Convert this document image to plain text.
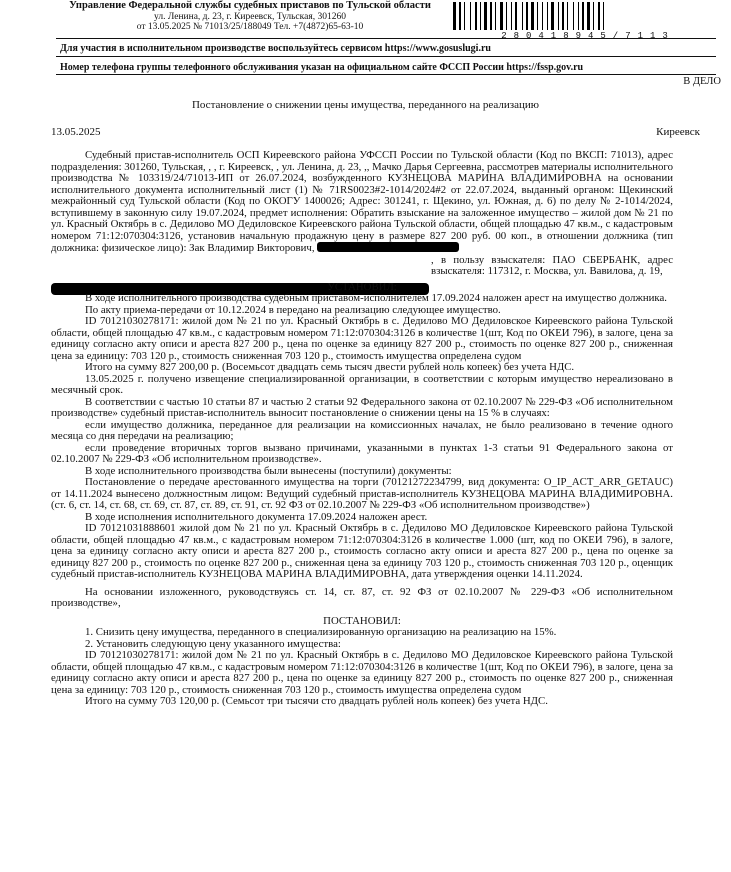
Управление Федеральной службы судебных приставов по Тульской области
ул. Ленина, д. 23, г. Киреевск, Тульская, 301260
от 13.05.2025 № 71013/25/188049 Тел. +7(4872)65-63-10
280418945/7113
Для участия в исполнительном производстве воспользуйтесь сервисом https://www.gosuslugi.ru
Номер телефона группы телефонного обслуживания указан на официальном сайте ФССП России https://fssp.gov.ru
В ДЕЛО
Постановление о снижении цены имущества, переданного на реализацию
13.05.2025	Киреевск

Судебный пристав-исполнитель ОСП Киреевского района УФССП России по Тульской области (Код по ВКСП: 71013), адрес подразделения: 301260, Тульская, , , г. Киреевск, , ул. Ленина, д. 23, ,, Мачко Дарья Сергеевна, рассмотрев материалы исполнительного производства № 103319/24/71013-ИП от 26.07.2024, возбужденного КУЗНЕЦОВА МАРИНА ВЛАДИМИРОВНА на основании исполнительного документа исполнительный лист (1) № 71RS0023#2-1014/2024#2 от 22.07.2024, выданный органом: Щекинский межрайонный суд Тульской области (Код по ОКОГУ 1400026; Адрес: 301241, г. Щекино, ул. Южная, д. 6) по делу № 2-1014/2024, вступившему в законную силу 19.07.2024, предмет исполнения: Обратить взыскание на заложенное имущество – жилой дом № 21 по ул. Красный Октябрь в с. Дедилово МО Дедиловское Киреевского района Тульской области, общей площадью 47 кв.м., с кадастровым номером 71:12:070304:3126, установив начальную продажную цену в размере 827 200 руб. 00 коп., в отношении должника (тип должника: физическое лицо): Зак Владимир Викторович,

, в пользу взыскателя: ПАО СБЕРБАНК, адрес взыскателя: 117312, г. Москва, ул. Вавилова, д. 19,

УСТАНОВИЛ:

В ходе исполнительного производства судебным приставом-исполнителем 17.09.2024 наложен арест на имущество должника.

По акту приема-передачи от 10.12.2024 в передано на реализацию следующее имущество.

ID 70121030278171: жилой дом № 21 по ул. Красный Октябрь в с. Дедилово МО Дедиловское Киреевского района Тульской области, общей площадью 47 кв.м., с кадастровым номером 71:12:070304:3126 в количестве 1(шт, Код по ОКЕИ 796), в залоге, цена за единицу согласно акту описи и ареста 827 200 р., цена по оценке за единицу 827 200 р., стоимость по оценке 827 200 р., сниженная цена за единицу: 703 120 р., стоимость сниженная 703 120 р., стоимость имущества определена судом

Итого на сумму 827 200,00 р. (Восемьсот двадцать семь тысяч двести рублей ноль копеек) без учета НДС.

13.05.2025 г. получено извещение специализированной организации, в соответствии с которым имущество нереализовано в месячный срок.

В соответствии с частью 10 статьи 87 и частью 2 статьи 92 Федерального закона от 02.10.2007 № 229-ФЗ «Об исполнительном производстве» судебный пристав-исполнитель выносит постановление о снижении цены на 15 % в случаях:

если имущество должника, переданное для реализации на комиссионных началах, не было реализовано в течение одного месяца со дня передачи на реализацию;

если проведение вторичных торгов вызвано причинами, указанными в пунктах 1-3 статьи 91 Федерального закона от 02.10.2007 № 229-ФЗ «Об исполнительном производстве».

В ходе исполнительного производства были вынесены (поступили) документы:

Постановление о передаче арестованного имущества на торги (70121272234799, вид документа: O_IP_ACT_ARR_GETAUC) от 14.11.2024 вынесено должностным лицом: Ведущий судебный пристав-исполнитель КУЗНЕЦОВА МАРИНА ВЛАДИМИРОВНА. (ст. 6, ст. 14, ст. 68, ст. 69, ст. 87, ст. 89, ст. 91, ст. 92 ФЗ от 02.10.2007 № 229-ФЗ «Об исполнительном производстве»)

В ходе исполнения исполнительного документа 17.09.2024 наложен арест.

ID 70121031888601 жилой дом № 21 по ул. Красный Октябрь в с. Дедилово МО Дедиловское Киреевского района Тульской области, общей площадью 47 кв.м., с кадастровым номером 71:12:070304:3126 в количестве 1.000 (шт, код по ОКЕИ 796), в залоге, цена за единицу согласно акту описи и ареста 827 200 р., стоимость согласно акту описи и ареста 827 200 р., цена по оценке за единицу 827 200 р., стоимость по оценке 827 200 р., сниженная цена за единицу 703 120 р., стоимость сниженная 703 120 р., оценщик судебный пристав-исполнитель КУЗНЕЦОВА МАРИНА ВЛАДИМИРОВНА, дата утверждения оценки 14.11.2024.

На основании изложенного, руководствуясь ст. 14, ст. 87, ст. 92 ФЗ от 02.10.2007 № 229-ФЗ «Об исполнительном производстве»,

ПОСТАНОВИЛ:

1. Снизить цену имущества, переданного в специализированную организацию на реализацию на 15%.

2. Установить следующую цену указанного имущества:

ID 70121030278171: жилой дом № 21 по ул. Красный Октябрь в с. Дедилово МО Дедиловское Киреевского района Тульской области, общей площадью 47 кв.м., с кадастровым номером 71:12:070304:3126 в количестве 1(шт, Код по ОКЕИ 796), в залоге, цена за единицу согласно акту описи и ареста 827 200 р., цена по оценке за единицу 827 200 р., стоимость по оценке 827 200 р., сниженная цена за единицу: 703 120 р., стоимость сниженная 703 120 р., стоимость имущества определена судом

Итого на сумму 703 120,00 р. (Семьсот три тысячи сто двадцать рублей ноль копеек) без учета НДС.
